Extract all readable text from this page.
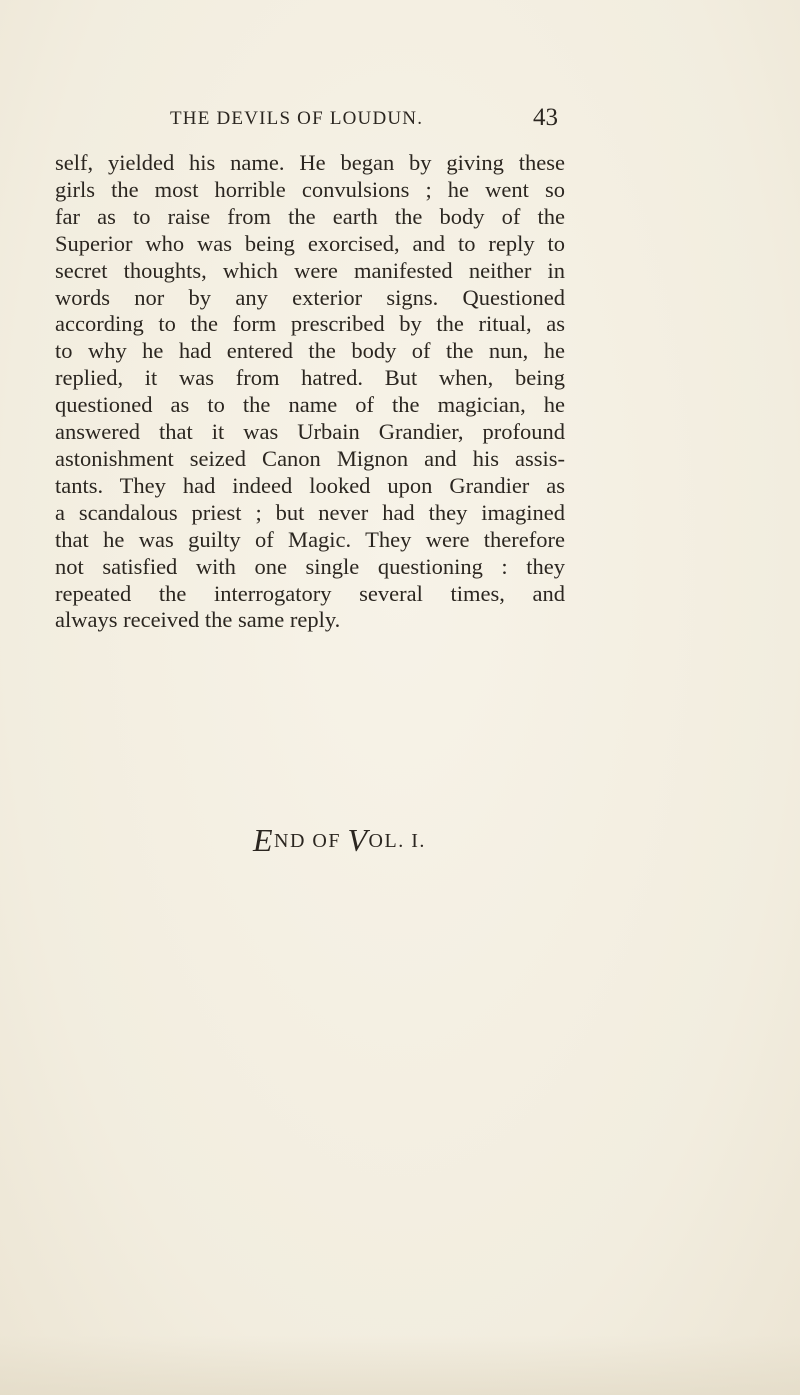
THE DEVILS OF LOUDUN.	43
self, yielded his name. He began by giving these
girls the most horrible convulsions ; he went so
far as to raise from the earth the body of the
Superior who was being exorcised, and to reply to
secret thoughts, which were manifested neither in
words nor by any exterior signs. Questioned
according to the form prescribed by the ritual, as
to why he had entered the body of the nun, he
replied, it was from hatred. But when, being
questioned as to the name of the magician, he
answered that it was Urbain Grandier, profound
astonishment seized Canon Mignon and his assis-
tants. They had indeed looked upon Grandier as
a scandalous priest ; but never had they imagined
that he was guilty of Magic. They were therefore
not satisfied with one single questioning : they
repeated the interrogatory several times, and
always received the same reply.
END OF VOL. I.
